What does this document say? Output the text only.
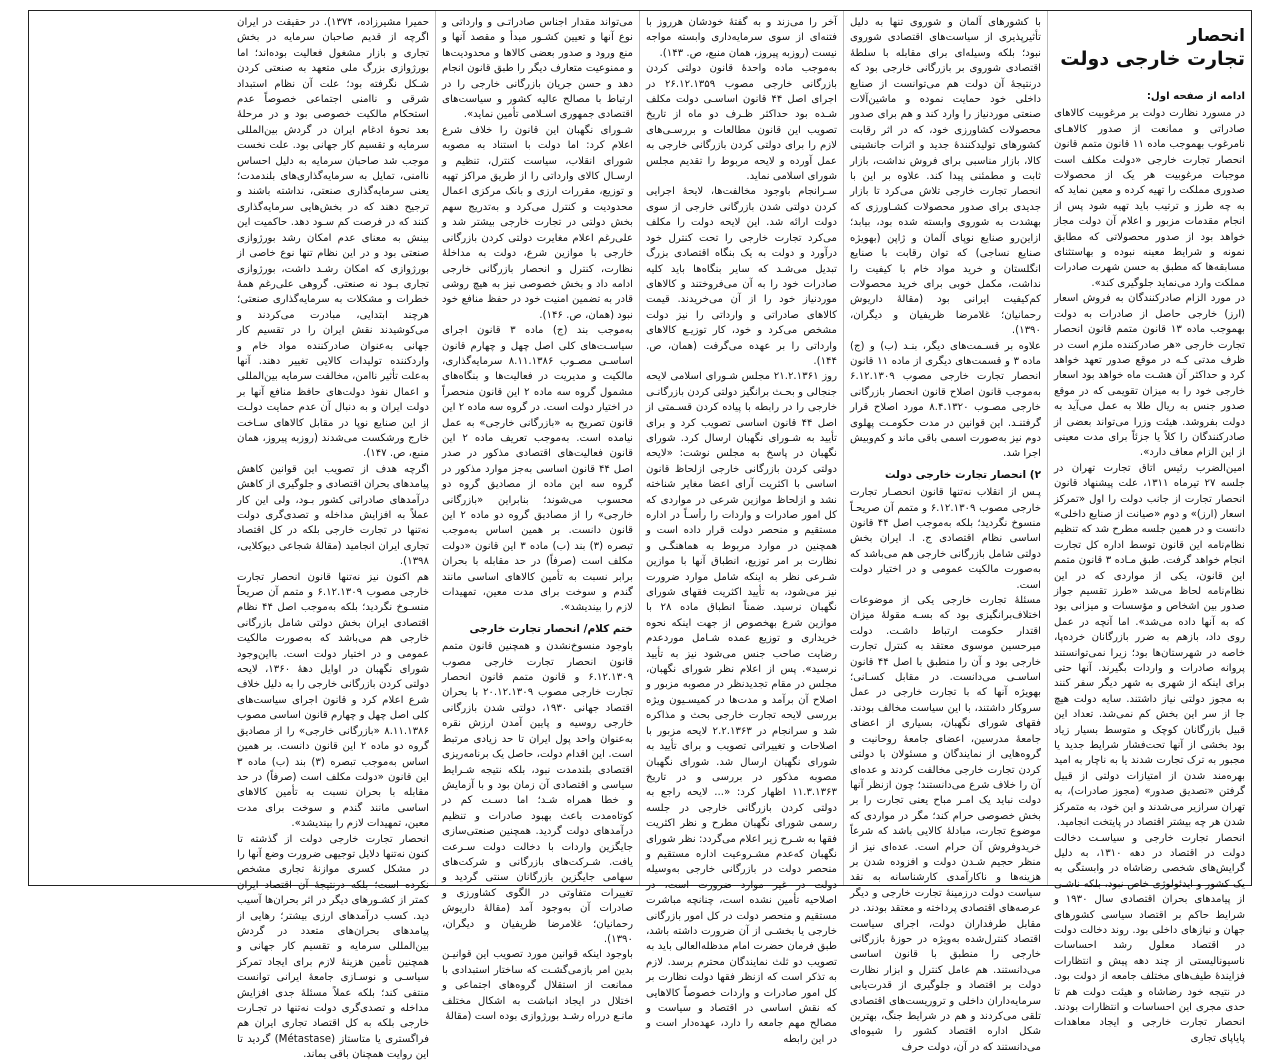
انحصار
تجارت خارجی دولت

ادامه از صفحه اول:

در مسورد نظارت دولت بر مرغوبیت کالاهای صادراتی و ممانعت از صدور کالاهـای نامرغوب بهموجب ماده ۱۱ قانون متمم قانون انحصار تجارت خارجی «دولت مکلف است موجبات مرغوبیت هر یک از محصولات صدوری مملکت را تهیه کرده و معین نماید که به چه طرز و ترتیب باید تهیه شود پس از انجام مقدمات مزبور و اعلام آن دولت مجاز خواهد بود از صدور محصولاتی که مطابق نمونه و شرایط معینه نبوده و بهاستثنای مسابقه‌ها که مطبق به حسن شهرت صادرات مملکت وارد می‌نماید جلوگیری کند».

در مورد الزام صادرکنندگان به فروش اسعار (ارز) خارجی حاصل از صادرات به دولت بهموجب ماده ۱۳ قانون متمم قانون انحصار تجارت خارجی «هر صادرکننده ملزم است در ظرف مدتی کـه در موقع صدور تعهد خواهد کرد و حداکثر آن هشـت ماه خواهد بود اسعار خارجی خود را به میزان تقویمی که در موقع صدور جنس به ریال طلا به عمل می‌آید به دولت بفروشد. هیئت وزرا می‌تواند بعضی از صادرکنندگان را کلاً یا جزئاً برای مدت معینی از این الزام معاف دارد».

امین‌الضرب رئیس اتاق تجارت تهران در جلسه ۲۷ تیرماه ۱۳۱۱، علت پیشنهاد قانون انحصار تجارت از جانب دولت را اول «تمرکز اسعار (ارز)» و دوم «صیانت از صنایع داخلی» دانست و در همین جلسه مطرح شد که تنظیم نظام‌نامه این قانون توسط اداره کل تجارت انجام خواهد گرفت. طبق مـاده ۳ قانون متمم این قانون، یکی از مواردی که در این نظام‌نامه لحاظ می‌شد «طرز تقسیم جواز صدور بین اشخاص و مؤسسات و میزانی بود که به آنها داده می‌شد». اما آنچه در عمل روی داد، بازهم به ضرر بازرگانان خرده‌پا، خاصه در شهرستان‌ها بود؛ زیرا نمی‌توانستند پروانه صادرات و واردات بگیرند. آنها حتی برای اینکه از شهری به شهر دیگر سفر کنند به مجوز دولتی نیاز داشتند. سایه دولت هیچ جا از سر این بخش کم نمی‌شد. تعداد این قبیل بازرگانان کوچک و متوسط بسیار زیاد بود بخشی از آنها تحت‌فشار شرایط جدید یا مجبور به ترک تجارت شدند یا به ناچار به امید بهره‌مند شدن از امتیازات دولتی از قبیل گرفتن «تصدیق صدور» (مجوز صادرات)، به تهران سرازیر می‌شدند و این خود، به متمرکز شدن هر چه بیشتر اقتصاد در پایتخت انجامید.

انحصار تجارت خارجی و سیاسـت دخالت دولت در اقتصاد در دهه ۱۳۱۰، به دلیل گرایش‌های شخصی رضاشاه در وابستگی به یک کشور و ایدئولوژی خاص نبود، بلکه ناشـی از پیامدهای بحران اقتصادی سال ۱۹۳۰ و شرایط حاکم بر اقتصاد سیاسی کشورهای جهان و نیازهای داخلی بود. روند دخالت دولت در اقتصاد معلول رشد احساسات ناسیونالیستی از چند دهه پیش و انتظارات فزایندۀ طیف‌های مختلف جامعه از دولت بود. در نتیجه خود رضاشاه و هیئت دولت هم تا حدی مجری این احساسات و انتظارات بودند. انحصار تجارت خارجی و ایجاد معاهدات پایاپای تجاری

با کشورهای آلمان و شوروی تنها به دلیل تأثیرپذیری از سیاست‌های اقتصادی شوروی نبود؛ بلکه وسیله‌ای برای مقابله با سلطۀ اقتصادی شوروی بر بازرگانی خارجی بود که درنتیجۀ آن دولت هم می‌توانست از صنایع داخلی خود حمایت نموده و ماشین‌آلات صنعتی موردنیاز را وارد کند و هم برای صدور محصولات کشاورزی خود، که در اثر رقابت کشورهای تولیدکنندۀ جدید و اثرات جانشینی کالا، بازار مناسبی برای فروش نداشت، بازار ثابت و مطمئنی پیدا کند. علاوه بر این با انحصار تجارت خارجی تلاش می‌کرد تا بازار جدیدی برای صدور محصولات کشـاورزی که بهشدت به شوروی وابسته شده بود، بیابد؛ ازاین‌رو صنایع نوپای آلمان و ژاپن (بهویژه صنایع نساجی) که توان رقابت با صنایع انگلستان و خرید مواد خام با کیفیت را نداشت، مکمل خوبی برای خرید محصولات کم‌کیفیت ایرانی بود (مقالۀ داریوش رحمانیان؛ غلامرضا ظریفیان و دیگران، ۱۳۹۰).

علاوه بر قسـمت‌های دیگر، بنـد (ب) و (ج) ماده ۳ و قسمت‌های دیگری از ماده ۱۱ قانون انحصار تجارت خارجی مصوب ۶.۱۲.۱۳۰۹ به‌موجب قانون اصلاح قانون انحصار بازرگانی خارجی مصـوب ۸.۴.۱۳۲۰ مورد اصلاح قرار گرفتنـد. این قوانین در مدت حکومـت پهلوی دوم نیز به‌صورت اسمی باقی ماند و کم‌وبیش اجرا شد.

۲) انحصار تجارت خارجی دولت

پـس از انقلاب نه‌تنها قانون انحصـار تجارت خارجی مصوب ۶.۱۲.۱۳۰۹ و متمم آن صریحـاً منسوخ نگردید؛ بلکه به‌موجب اصل ۴۴ قانون اساسی نظام اقتصادی ج. ا. ایران بخش دولتی شامل بازرگانی خارجی هم می‌باشد که به‌صورت مالکیت عمومی و در اختیار دولت است.

مسئلۀ تجارت خارجی یکی از موضوعات اختلاف‌برانگیزی بود که بسـه مقولۀ میزان اقتدار حکومت ارتباط داشـت. دولت میرحسین موسوی معتقد به کنترل تجارت خارجی بود و آن را منطبق با اصل ۴۴ قانون اساسـی می‌دانست. در مقابل کسـانی؛ بهویژه آنها که با تجارت خارجی در عمل سروکار داشتند، با این سیاست مخالف بودند. فقهای شورای نگهبان، بسیاری از اعضای جامعۀ مدرسین، اعضای جامعۀ روحانیت و گروه‌هایی از نمایندگان و مسئولان با دولتی کردن تجارت خارجی مخالفت کردند و عده‌ای آن را خلاف شرع می‌دانستند؛ چون ازنظر آنها دولت نباید یک امـر مباح یعنی تجارت را بر بخش خصوصی حرام کند؛ مگر در مواردی که موضوع تجارت، مبادلۀ کالایی باشد که شرعاً خریدوفروش آن حرام است. عده‌ای نیز از منظر حجیم شـدن دولت و افزوده شدن بر هزینه‌ها و ناکارآمدی کارشناسانه به نقد سیاست دولت درزمینۀ تجارت خارجی و دیگر عرصه‌های اقتصادی پرداخته و معتقد بودند. در مقابل طرفداران دولت، اجرای سیاست اقتصاد کنترل‌شده به‌ویژه در حوزۀ بازرگانی خارجی را منطبق با قانون اساسی می‌دانستند. هم عامل کنترل و ابزار نظارت دولت بر اقتصاد و جلوگیری از قدرت‌یابی سرمایه‌داران داخلی و تروریست‌های اقتصادی تلقی می‌کردند و هم در شرایط جنگ، بهترین شکل اداره اقتصاد کشور را شیوه‌ای می‌دانستند که در آن، دولت حرف

آخر را می‌زند و به گفتۀ خودشان هرروز با فتنه‌ای از سوی سرمایه‌داری وابسته مواجه نیست (روزبه پیروز، همان منبع، ص. ۱۴۳).

به‌موجب ماده واحدۀ قانون دولتی کردن بازرگانی خارجی مصوب ۲۶.۱۲.۱۳۵۹ در اجرای اصل ۴۴ قانون اساسـی دولت مکلف شـده بود حداکثر ظـرف دو ماه از تاریخ تصویب این قانون مطالعات و بررسـی‌های لازم را برای دولتی کردن بازرگانی خارجی به عمل آورده و لایحه مربوط را تقدیم مجلس شورای اسلامی نماید.

سـرانجام باوجود مخالفت‌ها، لایحۀ اجرایی کردن دولتی شدن بازرگانی خارجی از سوی دولت ارائه شد. این لایحه دولت را مکلف می‌کرد تجارت خارجی را تحت کنترل خود درآورد و دولت به یک بنگاه اقتصادی بزرگ تبدیل می‌شـد که سایر بنگاه‌ها باید کلیه صادرات خود را به آن می‌فروختند و کالاهای موردنیاز خود را از آن می‌خریدند. قیمت کالاهای صادراتی و وارداتی را نیز دولت مشخص می‌کرد و خود، کار توزیـع کالاهای وارداتی را بر عهده می‌گرفت (همان، ص. ۱۴۴).

روز ۲۱.۲.۱۳۶۱ مجلس شـورای اسلامی لایحه جنجالی و بحـث برانگیز دولتی کردن بازرگانـی خارجی را در رابطه با پیاده کردن قسـمتی از اصل ۴۴ قانون اساسی تصویب کرد و برای تأیید به شـورای نگهبان ارسال کرد. شورای نگهبان در پاسخ به مجلس نوشت: «لایحه دولتی کردن بازرگانی خارجی ازلحاظ قانون اساسی با اکثریت آرای اعضا مغایر شناخته نشد و ازلحاظ موازین شرعی در مواردی که کل امور صادرات و واردات را رأسـاً در اداره مستقیم و منحصر دولت قرار داده است و همچنین در موارد مربوط به هماهنگـی و نظارت بر امر توزیع، انطباق آنها با موازین شـرعی نظر به اینکه شامل موارد ضرورت نیز می‌شود، به تأیید اکثریت فقهای شورای نگهبان نرسید. ضمناً انطباق ماده ۲۸ با موازین شرع بهخصوص از جهت اینکه نحوه خریداری و توزیع عمده شـامل موردعدم رضایت صاحب جنس می‌شود نیز به تأیید نرسید». پس از اعلام نظر شورای نگهبان، مجلس در مقام تجدیدنظر در مصوبه مزبور و اصلاح آن برآمد و مدت‌ها در کمیسـیون ویژه بررسی لایحه تجارت خارجی بحث و مذاکره شد و سرانجام در ۲.۲.۱۳۶۳ لایحه مزبور با اصلاحات و تغییراتی تصویب و برای تأیید به شورای نگهبان ارسال شد. شورای نگهبان مصوبه مذکور در بررسی و در تاریخ ۱۱.۳.۱۳۶۳ اظهار کرد: «... لایحه راجع به دولتی کردن بازرگانی خارجی در جلسه رسمی شورای نگهبان مطرح و نظر اکثریت فقها به شـرح زیر اعلام می‌گردد: نظر شورای نگهبان که‌عدم مشـروعیت اداره مستقیم و منحصر دولت در بازرگانی خارجی به‌وسیله دولت در غیر موارد ضرورت است، در اصلاحیه تأمین نشده است، چنانچه مباشرت مستقیم و منحصر دولت در کل امور بازرگانی خارجی یا بخشـی از آن ضرورت داشته باشد، طبق فرمان حضرت امام مدظله‌العالی باید به تصویب دو ثلث نمایندگان محترم برسد. لازم به تذکر است که ازنظر فقها دولت نظارت بر کل امور صادرات و واردات خصوصاً کالاهایی که نقش اساسی در اقتصاد و سیاست و مصالح مهم جامعه را دارد، عهده‌دار است و در این رابطه

می‌تواند مقدار اجناس صادراتـی و وارداتی و نوع آنها و تعیین کشـور مبدأ و مقصد آنها و منع ورود و صدور بعضی کالاها و محدودیت‌ها و ممنوعیت متعارف دیگر را طبق قانون انجام دهد و حسن جریان بازرگانی خارجی را در ارتباط با مصالح عالیه کشور و سیاست‌های اقتصادی جمهوری اسـلامی تأمین نماید».

شـورای نگهبان این قانون را خلاف شرع اعلام کرد: اما دولت با استناد به مصوبه شورای انقلاب، سیاست کنترل، تنظیم و ارسـال کالای وارداتی را از طریق مراکز تهیه و توزیع، مقررات ارزی و بانک مرکزی اعمال محدودیت و کنترل می‌کرد و به‌تدریج سهم بخش دولتی در تجارت خارجی بیشتر شد و علی‌رغم اعلام مغایرت دولتی کردن بازرگانی خارجی با موازین شرع، دولت به مداخلۀ نظارت، کنترل و انحصار بازرگانی خارجی ادامه داد و بخش خصوصی نیز به هیچ روشی قادر به تضمین امنیت خود در حفظ منافع خود نبود (همان، ص. ۱۴۶).

به‌موجب بند (ج) ماده ۳ قانون اجرای سیاسـت‌های کلی اصل چهل و چهارم قانون اساسـی مصـوب ۸.۱۱.۱۳۸۶ سرمایه‌گذاری، مالکیت و مدیریت در فعالیت‌ها و بنگاه‌های مشمول گروه سه ماده ۲ این قانون منحصراً در اختیار دولت است. در گروه سه ماده ۲ این قانون تصریح به «بازرگانی خارجی» به عمل نیامده است. به‌موجب تعریف ماده ۲ این قانون فعالیت‌های اقتصادی مذکور در صدر اصل ۴۴ قانون اساسی به‌جز موارد مذکور در گروه سه این ماده از مصادیق گروه دو محسوب می‌شوند؛ بنابراین «بازرگانی خارجی» را از مصادیق گروه دو ماده ۲ این قانون دانست. بر همین اساس به‌موجب تبصره (۳) بند (ب) ماده ۳ این قانون «دولت مکلف است (صرفاً) در حد مقابله با بحران برابر نسبت به تأمین کالاهای اساسی مانند گندم و سوخت برای مدت معین، تمهیدات لازم را بیندیشد».

ختم کلام/ انحصار تجارت خارجی

باوجود منسوخ‌نشدن و همچنین قانون متمم قانون انحصار تجارت خارجی مصوب ۶.۱۲.۱۳۰۹ و قانون متمم قانون انحصار تجارت خارجی مصوب ۲۰.۱۲.۱۳۰۹ با بحران اقتصاد جهانی ۱۹۳۰، دولتی شدن بازرگانی خارجی روسیه و پایین آمدن ارزش نقره به‌عنوان واحد پول ایران تا حد زیادی مرتبط است. این اقدام دولت، حاصل یک برنامه‌ریزی اقتصادی بلندمدت نبود، بلکه نتیجه شـرایط سیاسی و اقتصادی آن زمان بود و با آزمایش و خطا همراه شـد؛ اما دسـت کم در کوتاه‌مدت باعث بهبود صادرات و تنظیم درآمدهای دولت گردید. همچنین صنعتی‌سازی جایگزین واردات با دخالت دولت سـرعت یافت. شـرکت‌های بازرگانی و شرکت‌های سهامی جایگزین بازرگانان سنتی گردید و تغییرات متفاوتی در الگوی کشاورزی و صادرات آن به‌وجود آمد (مقالۀ داریوش رحمانیان؛ غلامرضا ظریفیان و دیگران، ۱۳۹۰).

باوجود اینکه قوانین مورد تصویب این قوانیـن بدین امر بازمی‌گشـت که ساختار استبدادی با ممانعت از استقلال گروه‌های اجتماعی و اختلال در ایجاد انباشت به اشکال مختلف مانـع درراه رشـد بورژوازی بوده است (مقالۀ

حمیرا مشیرزاده، ۱۳۷۴). در حقیقت در ایران اگرچه از قدیم صاحبان سرمایه در بخش تجاری و بازار مشغول فعالیت بوده‌اند؛ اما بورژوازی بزرگ ملی متعهد به صنعتی کردن شـکل نگرفته بود؛ علت آن نظام استبداد شرقی و ناامنی اجتماعی خصوصاً عدم استحکام مالکیت خصوصی بود و در مرحلۀ بعد نحوۀ ادغام ایران در گردش بین‌المللی سرمایه و تقسیم کار جهانی بود. علت نخست موجب شد صاحبان سرمایه به دلیل احساس ناامنی، تمایل به سرمایه‌گذاری‌های بلندمدت؛ یعنی سرمایه‌گذاری صنعتی، نداشته باشند و ترجیح دهند که در بخش‌هایی سرمایه‌گذاری کنند که در فرصت کم سـود دهد. حاکمیت این بینش به معنای عدم امکان رشد بورژوازی صنعتی بود و در این نظام تنها نوع خاصی از بورژوازی که امکان رشـد داشت، بورژوازی تجاری بـود نه صنعتی. گروهی علی‌رغم همۀ خطرات و مشکلات به سرمایه‌گذاری صنعتی؛ هرچند ابتدایی، مبادرت می‌کردند و می‌کوشیدند نقش ایران را در تقسیم کار جهانی به‌عنوان صادرکننده مواد خام و واردکننده تولیدات کالایی تغییر دهند. آنها به‌علت تأثیر ناامن، مخالفت سرمایه بین‌المللی و اعمال نفوذ دولت‌های حافظ منافع آنها بر دولت ایران و به دنبال آن عدم حمایت دولـت از این صنایع نوپا در مقابل کالاهای سـاخت خارج ورشکست می‌شدند (روزبه پیروز، همان منبع، ص. ۱۴۷).

اگرچه هدف از تصویب این قوانین کاهش پیامدهای بحران اقتصادی و جلوگیری از کاهش درآمدهای صادراتی کشور بـود، ولی این کار عملاً به افزایش مداخله و تصدی‌گری دولت نه‌تنها در تجارت خارجی بلکه در کل اقتصاد تجاری ایران انجامید (مقالۀ شجاعی دیوکلایی، ۱۳۹۸).

هم اکنون نیز نه‌تنها قانون انحصار تجارت خارجی مصوب ۶.۱۲.۱۳۰۹ و متمم آن صریحاً منسـوخ نگردید؛ بلکه به‌موجب اصل ۴۴ نظام اقتصادی ایران بخش دولتی شامل بازرگانی خارجی هم می‌باشد که به‌صورت مالکیت عمومی و در اختیار دولت است. بااین‌وجود شورای نگهبان در اوایل دهۀ ۱۳۶۰، لایحه دولتی کردن بازرگانی خارجی را به دلیل خلاف شرع اعلام کرد و قانون اجرای سیاست‌های کلی اصل چهل و چهارم قانون اساسی مصوب ۸.۱۱.۱۳۸۶ «بازرگانی خارجی» را از مصادیق گروه دو ماده ۲ این قانون دانست. بر همین اساس به‌موجب تبصره (۳) بند (ب) ماده ۳ این قانون «دولت مکلف است (صرفاً) در حد مقابله با بحران نسبت به تأمین کالاهای اساسی مانند گندم و سوخت برای مدت معین، تمهیدات لازم را بیندیشد».

انحصار تجارت خارجی دولت از گذشته تا کنون نه‌تنها دلایل توجیهی ضرورت وضع آنها را در مشکل کسری موازنۀ تجاری مشخص نکرده است؛ بلکه درنتیجۀ آن اقتصاد ایران کمتر از کشـورهای دیگر در اثر بحران‌ها آسیب دید. کسب درآمدهای ارزی بیشتر؛ رهایی از پیامدهای بحران‌های متعدد در گردش بین‌المللی سرمایه و تقسیم کار جهانی و همچنین تأمین هزینۀ لازم برای ایجاد تمرکز سیاسـی و نوسـازی جامعۀ ایرانی توانست منتفی کند؛ بلکه عملاً مسئلۀ جدی افزایش مداخله و تصدی‌گری دولت نه‌تنها در تجـارت خارجی بلکه به کل اقتصاد تجاری ایران هم فراگستری یا متاستاز (Métastase) گردید تا این روایت همچنان باقی بماند.
